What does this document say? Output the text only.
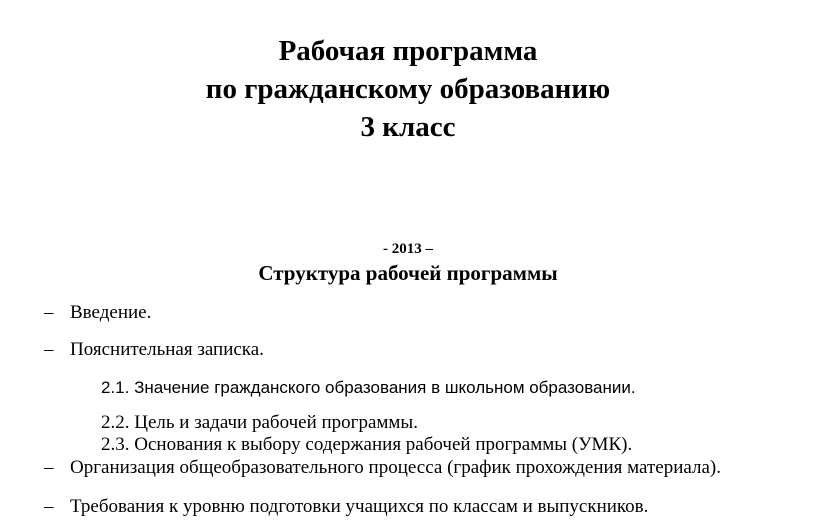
Рабочая программа
по гражданскому образованию
3 класс
- 2013 –
Структура рабочей программы
– Введение.
– Пояснительная записка.
2.1. Значение гражданского образования в школьном образовании.
2.2. Цель и задачи рабочей программы.
2.3. Основания к выбору содержания рабочей программы (УМК).
– Организация общеобразовательного процесса (график прохождения материала).
– Требования к уровню подготовки учащихся по классам и выпускников.
